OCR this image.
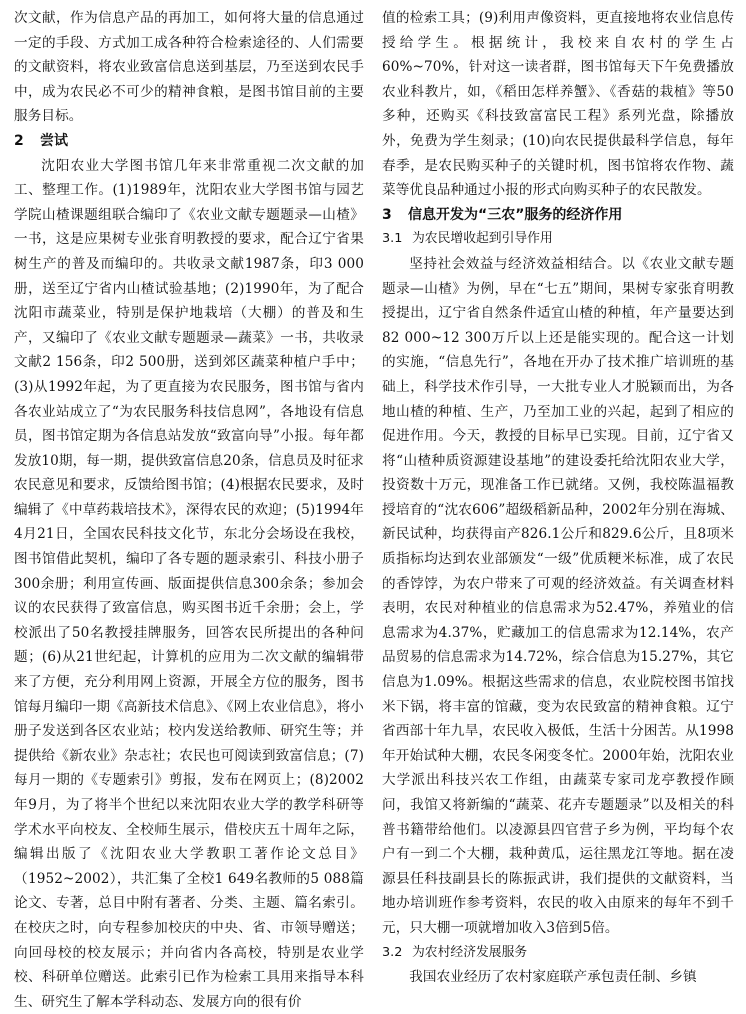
次文献，作为信息产品的再加工，如何将大量的信息通过一定的手段、方式加工成各种符合检索途径的、人们需要的文献资料，将农业致富信息送到基层，乃至送到农民手中，成为农民必不可少的精神食粮，是图书馆目前的主要服务目标。

2 尝试

沈阳农业大学图书馆几年来非常重视二次文献的加工、整理工作。(1)1989年，沈阳农业大学图书馆与园艺学院山楂课题组联合编印了《农业文献专题题录—山楂》一书，这是应果树专业张育明教授的要求，配合辽宁省果树生产的普及而编印的。共收录文献1987条，印3 000册，送至辽宁省内山楂试验基地；(2)1990年，为了配合沈阳市蔬菜业，特别是保护地栽培（大棚）的普及和生产，又编印了《农业文献专题题录—蔬菜》一书，共收录文献2 156条，印2 500册，送到郊区蔬菜种植户手中；(3)从1992年起，为了更直接为农民服务，图书馆与省内各农业站成立了“为农民服务科技信息网”，各地设有信息员，图书馆定期为各信息站发放“致富向导”小报。每年都发放10期，每一期，提供致富信息20条，信息员及时征求农民意见和要求，反馈给图书馆；(4)根据农民要求，及时编辑了《中草药栽培技术》，深得农民的欢迎；(5)1994年4月21日，全国农民科技文化节，东北分会场设在我校，图书馆借此契机，编印了各专题的题录索引、科技小册子300余册；利用宣传画、版面提供信息300余条；参加会议的农民获得了致富信息，购买图书近千余册；会上，学校派出了50名教授挂牌服务，回答农民所提出的各种问题；(6)从21世纪起，计算机的应用为二次文献的编辑带来了方便，充分利用网上资源，开展全方位的服务，图书馆每月编印一期《高新技术信息》、《网上农业信息》，将小册子发送到各区农业站；校内发送给教师、研究生等；并提供给《新农业》杂志社；农民也可阅读到致富信息；(7)每月一期的《专题索引》剪报，发布在网页上；(8)2002年9月，为了将半个世纪以来沈阳农业大学的教学科研等学术水平向校友、全校师生展示，借校庆五十周年之际，编辑出版了《沈阳农业大学教职工著作论文总目》（1952~2002），共汇集了全校1 649名教师的5 088篇论文、专著，总目中附有著者、分类、主题、篇名索引。在校庆之时，向专程参加校庆的中央、省、市领导赠送；向回母校的校友展示；并向省内各高校，特别是农业学校、科研单位赠送。此索引已作为检索工具用来指导本科生、研究生了解本学科动态、发展方向的很有价

值的检索工具；(9)利用声像资料，更直接地将农业信息传授给学生。根据统计，我校来自农村的学生占60%~70%，针对这一读者群，图书馆每天下午免费播放农业科教片，如，《稻田怎样养蟹》、《香菇的栽植》等50多种，还购买《科技致富富民工程》系列光盘，除播放外，免费为学生刻录；(10)向农民提供最科学信息，每年春季，是农民购买种子的关键时机，图书馆将农作物、蔬菜等优良品种通过小报的形式向购买种子的农民散发。

3 信息开发为“三农”服务的经济作用

3.1 为农民增收起到引导作用

坚持社会效益与经济效益相结合。以《农业文献专题题录—山楂》为例，早在“七五”期间，果树专家张育明教授提出，辽宁省自然条件适宜山楂的种植，年产量要达到82 000~12 300万斤以上还是能实现的。配合这一计划的实施，“信息先行”，各地在开办了技术推广培训班的基础上，科学技术作引导，一大批专业人才脱颖而出，为各地山楂的种植、生产，乃至加工业的兴起，起到了相应的促进作用。今天，教授的目标早已实现。目前，辽宁省又将“山楂种质资源建设基地”的建设委托给沈阳农业大学，投资数十万元，现准备工作已就绪。又例，我校陈温福教授培育的“沈农606”超级稻新品种，2002年分别在海城、新民试种，均获得亩产826.1公斤和829.6公斤，且8项米质指标均达到农业部颁发“一级”优质粳米标准，成了农民的香饽饽，为农户带来了可观的经济效益。有关调查材料表明，农民对种植业的信息需求为52.47%，养殖业的信息需求为4.37%，贮藏加工的信息需求为12.14%，农产品贸易的信息需求为14.72%，综合信息为15.27%，其它信息为1.09%。根据这些需求的信息，农业院校图书馆找米下锅，将丰富的馆藏，变为农民致富的精神食粮。辽宁省西部十年九旱，农民收入极低，生活十分困苦。从1998年开始试种大棚，农民冬闲变冬忙。2000年始，沈阳农业大学派出科技兴农工作组，由蔬菜专家司龙亭教授作顾问，我馆又将新编的“蔬菜、花卉专题题录”以及相关的科普书籍带给他们。以凌源县四官营子乡为例，平均每个农户有一到二个大棚，栽种黄瓜，运往黑龙江等地。据在凌源县任科技副县长的陈振武讲，我们提供的文献资料，当地办培训班作参考资料，农民的收入由原来的每年不到千元，只大棚一项就增加收入3倍到5倍。

3.2 为农村经济发展服务

我国农业经历了农村家庭联产承包责任制、乡镇
